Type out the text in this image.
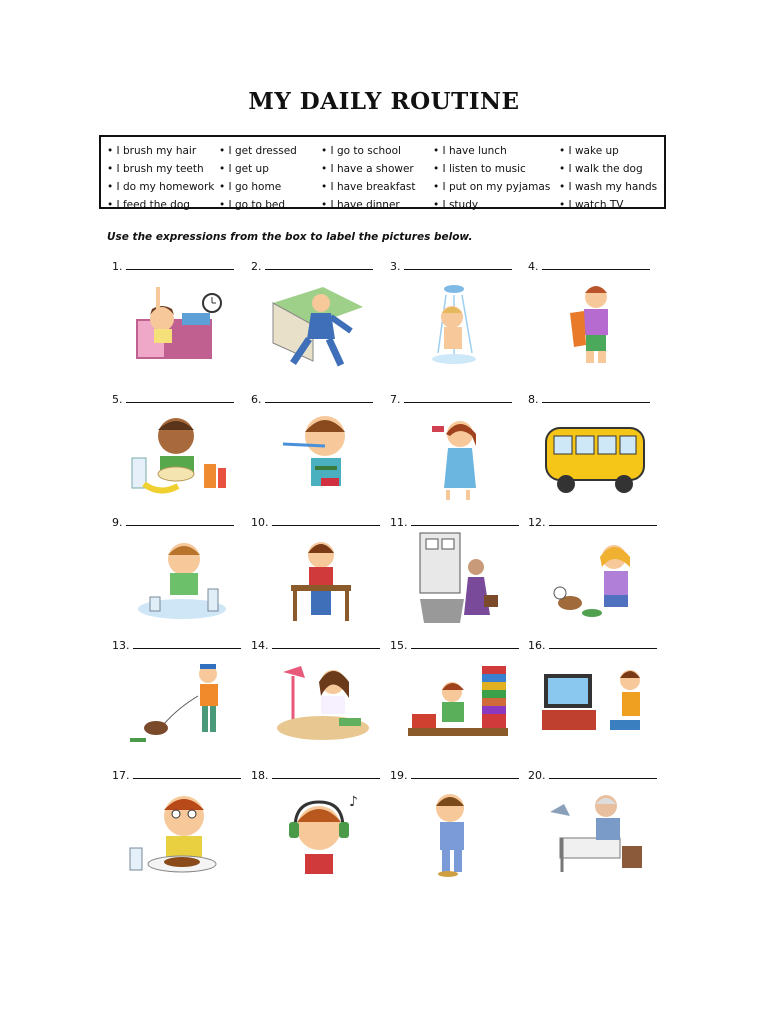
MY DAILY ROUTINE
• I brush my hair
• I brush my teeth
• I do my homework
• I feed the dog
• I get dressed
• I get up
• I go home
• I go to bed
• I go to school
• I have a shower
• I have breakfast
• I have dinner
• I have lunch
• I listen to music
• I put on my pyjamas
• I study
• I wake up
• I walk the dog
• I wash my hands
• I watch TV
Use the expressions from the box to label the pictures below.
1.	2.	3.	4.
5.	6.	7.	8.
9.	10.	11.	12.
13.	14.	15.	16.
17.	18.
♪
19.	20.
